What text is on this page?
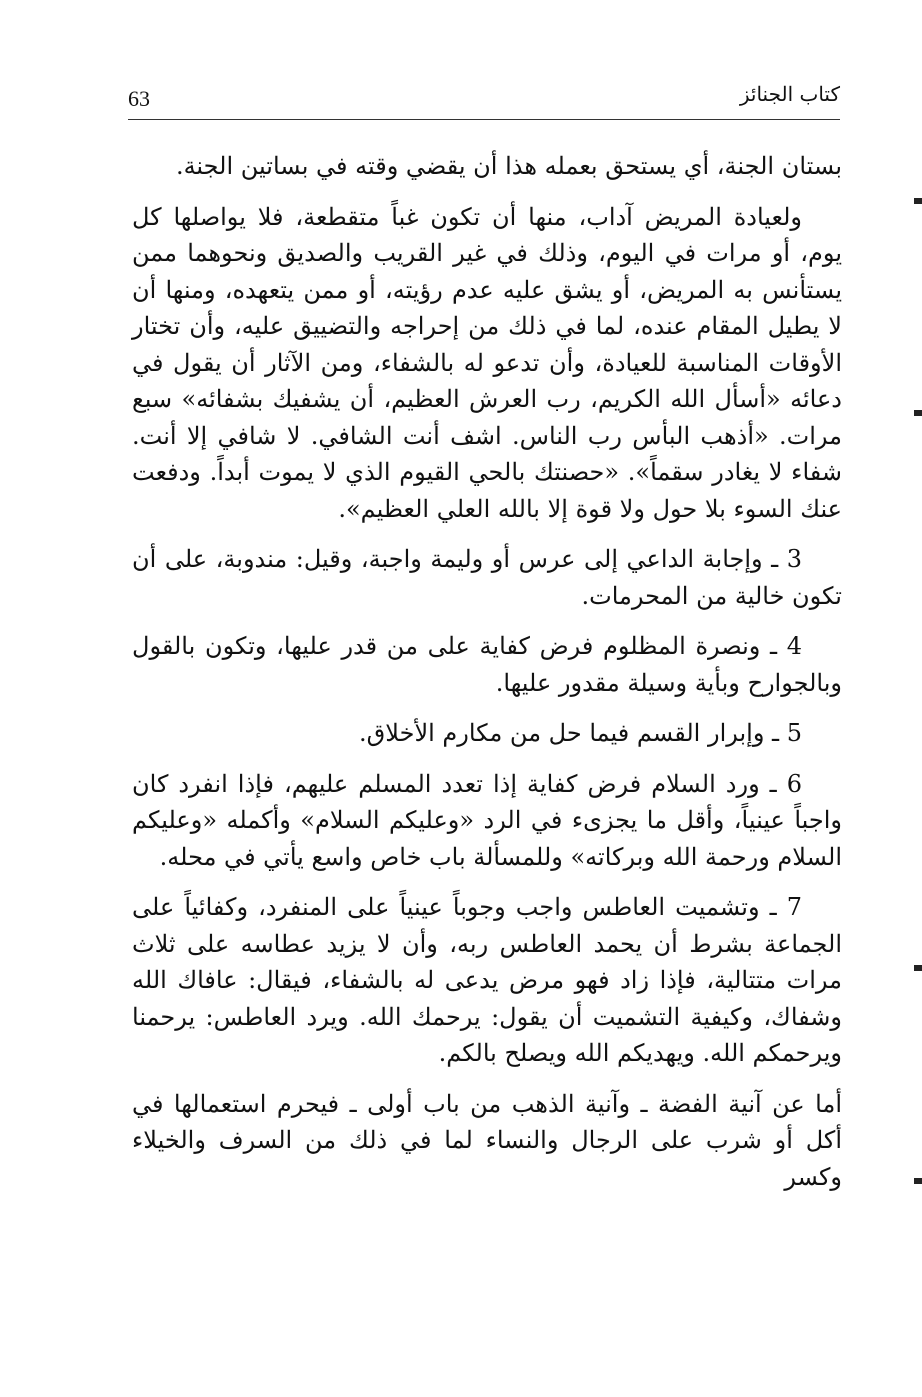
63	كتاب الجنائز

بستان الجنة، أي يستحق بعمله هذا أن يقضي وقته في بساتين الجنة.

ولعيادة المريض آداب، منها أن تكون غباً متقطعة، فلا يواصلها كل يوم، أو مرات في اليوم، وذلك في غير القريب والصديق ونحوهما ممن يستأنس به المريض، أو يشق عليه عدم رؤيته، أو ممن يتعهده، ومنها أن لا يطيل المقام عنده، لما في ذلك من إحراجه والتضييق عليه، وأن تختار الأوقات المناسبة للعيادة، وأن تدعو له بالشفاء، ومن الآثار أن يقول في دعائه «أسأل الله الكريم، رب العرش العظيم، أن يشفيك بشفائه» سبع مرات. «أذهب البأس رب الناس. اشف أنت الشافي. لا شافي إلا أنت. شفاء لا يغادر سقماً». «حصنتك بالحي القيوم الذي لا يموت أبداً. ودفعت عنك السوء بلا حول ولا قوة إلا بالله العلي العظيم».

3 ـ وإجابة الداعي إلى عرس أو وليمة واجبة، وقيل: مندوبة، على أن تكون خالية من المحرمات.

4 ـ ونصرة المظلوم فرض كفاية على من قدر عليها، وتكون بالقول وبالجوارح وبأية وسيلة مقدور عليها.

5 ـ وإبرار القسم فيما حل من مكارم الأخلاق.

6 ـ ورد السلام فرض كفاية إذا تعدد المسلم عليهم، فإذا انفرد كان واجباً عينياً، وأقل ما يجزىء في الرد «وعليكم السلام» وأكمله «وعليكم السلام ورحمة الله وبركاته» وللمسألة باب خاص واسع يأتي في محله.

7 ـ وتشميت العاطس واجب وجوباً عينياً على المنفرد، وكفائياً على الجماعة بشرط أن يحمد العاطس ربه، وأن لا يزيد عطاسه على ثلاث مرات متتالية، فإذا زاد فهو مرض يدعى له بالشفاء، فيقال: عافاك الله وشفاك، وكيفية التشميت أن يقول: يرحمك الله. ويرد العاطس: يرحمنا ويرحمكم الله. ويهديكم الله ويصلح بالكم.

أما عن آنية الفضة ـ وآنية الذهب من باب أولى ـ فيحرم استعمالها في أكل أو شرب على الرجال والنساء لما في ذلك من السرف والخيلاء وكسر
